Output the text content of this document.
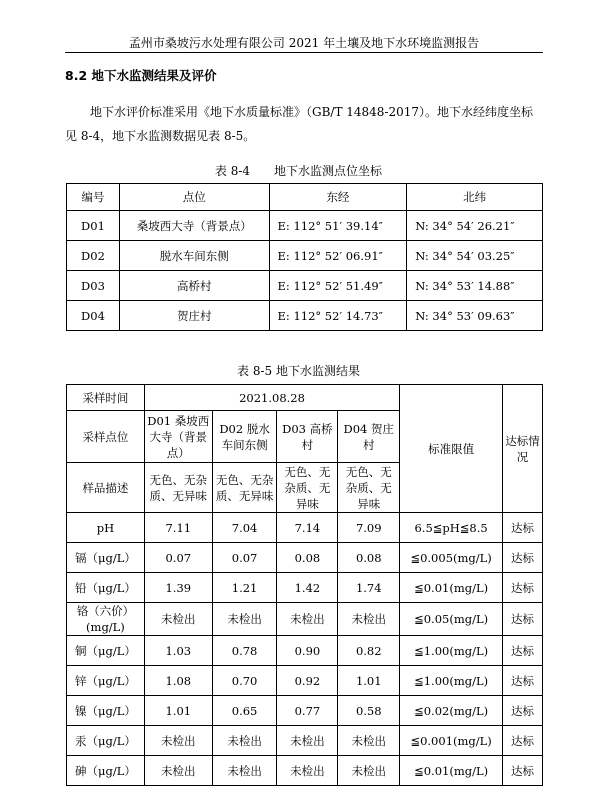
孟州市桑坡污水处理有限公司 2021 年土壤及地下水环境监测报告
8.2 地下水监测结果及评价
地下水评价标准采用《地下水质量标准》（GB/T 14848-2017）。地下水经纬度坐标见 8-4，地下水监测数据见表 8-5。
表 8-4　　地下水监测点位坐标
编号	点位	东经	北纬
D01	桑坡西大寺（背景点）	E: 112° 51′ 39.14″	N: 34° 54′ 26.21″
D02	脱水车间东侧	E: 112° 52′ 06.91″	N: 34° 54′ 03.25″
D03	高桥村	E: 112° 52′ 51.49″	N: 34° 53′ 14.88″
D04	贺庄村	E: 112° 52′ 14.73″	N: 34° 53′ 09.63″
表 8-5 地下水监测结果
采样时间	2021.08.28				标准限值	达标情况
采样点位	D01 桑坡西大寺（背景点）	D02 脱水车间东侧	D03 高桥村	D04 贺庄村		
样品描述	无色、无杂质、无异味	无色、无杂质、无异味	无色、无杂质、无异味	无色、无杂质、无异味		
pH	7.11	7.04	7.14	7.09	6.5≦pH≦8.5	达标
镉（μg/L）	0.07	0.07	0.08	0.08	≦0.005(mg/L)	达标
铅（μg/L）	1.39	1.21	1.42	1.74	≦0.01(mg/L)	达标
铬（六价）(mg/L)	未检出	未检出	未检出	未检出	≦0.05(mg/L)	达标
铜（μg/L）	1.03	0.78	0.90	0.82	≦1.00(mg/L)	达标
锌（μg/L）	1.08	0.70	0.92	1.01	≦1.00(mg/L)	达标
镍（μg/L）	1.01	0.65	0.77	0.58	≦0.02(mg/L)	达标
汞（μg/L）	未检出	未检出	未检出	未检出	≦0.001(mg/L)	达标
砷（μg/L）	未检出	未检出	未检出	未检出	≦0.01(mg/L)	达标
